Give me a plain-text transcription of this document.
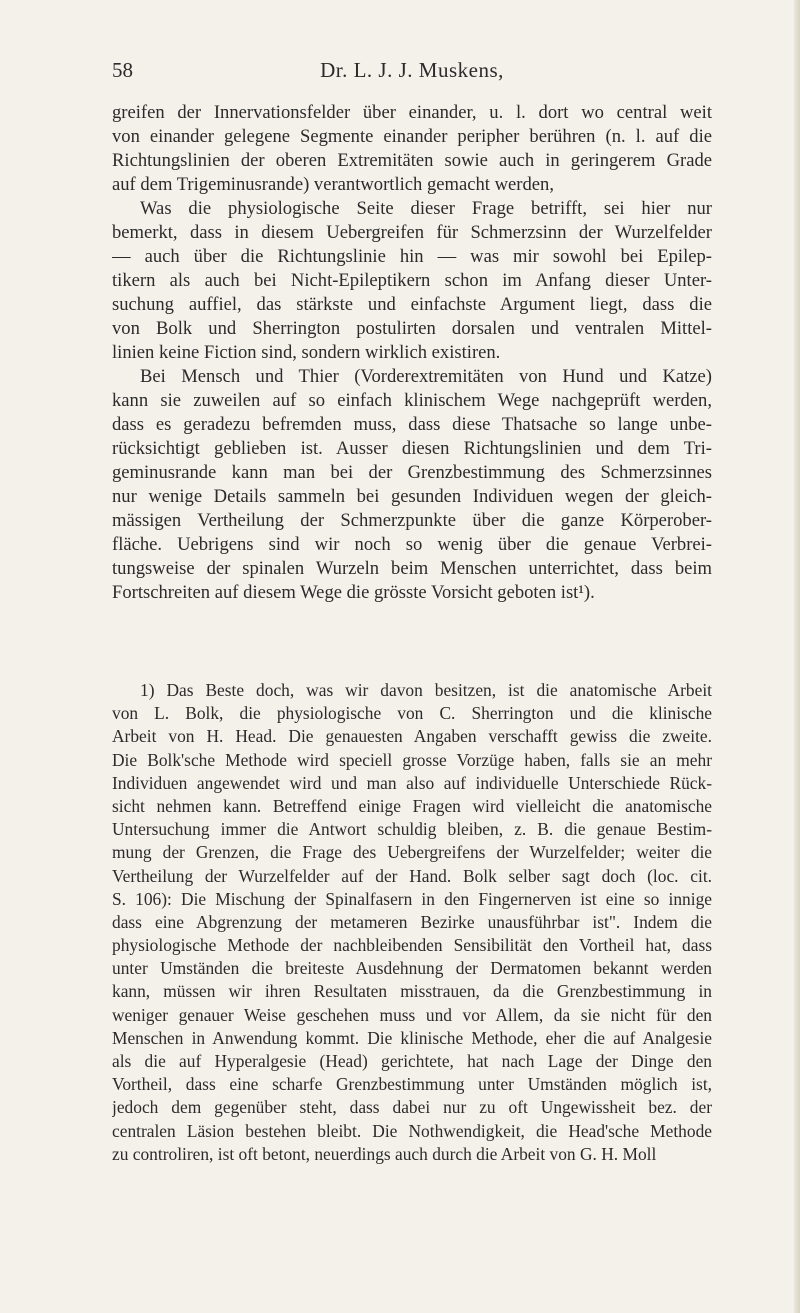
58	Dr. L. J. J. Muskens,
greifen der Innervationsfelder über einander, u. l. dort wo central weit
von einander gelegene Segmente einander peripher berühren (n. l. auf die
Richtungslinien der oberen Extremitäten sowie auch in geringerem Grade
auf dem Trigeminusrande) verantwortlich gemacht werden,
Was die physiologische Seite dieser Frage betrifft, sei hier nur
bemerkt, dass in diesem Uebergreifen für Schmerzsinn der Wurzelfelder
— auch über die Richtungslinie hin — was mir sowohl bei Epilep-
tikern als auch bei Nicht-Epileptikern schon im Anfang dieser Unter-
suchung auffiel, das stärkste und einfachste Argument liegt, dass die
von Bolk und Sherrington postulirten dorsalen und ventralen Mittel-
linien keine Fiction sind, sondern wirklich existiren.
Bei Mensch und Thier (Vorderextremitäten von Hund und Katze)
kann sie zuweilen auf so einfach klinischem Wege nachgeprüft werden,
dass es geradezu befremden muss, dass diese Thatsache so lange unbe-
rücksichtigt geblieben ist. Ausser diesen Richtungslinien und dem Tri-
geminusrande kann man bei der Grenzbestimmung des Schmerzsinnes
nur wenige Details sammeln bei gesunden Individuen wegen der gleich-
mässigen Vertheilung der Schmerzpunkte über die ganze Körperober-
fläche. Uebrigens sind wir noch so wenig über die genaue Verbrei-
tungsweise der spinalen Wurzeln beim Menschen unterrichtet, dass beim
Fortschreiten auf diesem Wege die grösste Vorsicht geboten ist¹).
1) Das Beste doch, was wir davon besitzen, ist die anatomische Arbeit
von L. Bolk, die physiologische von C. Sherrington und die klinische
Arbeit von H. Head. Die genauesten Angaben verschafft gewiss die zweite.
Die Bolk'sche Methode wird speciell grosse Vorzüge haben, falls sie an mehr
Individuen angewendet wird und man also auf individuelle Unterschiede Rück-
sicht nehmen kann. Betreffend einige Fragen wird vielleicht die anatomische
Untersuchung immer die Antwort schuldig bleiben, z. B. die genaue Bestim-
mung der Grenzen, die Frage des Uebergreifens der Wurzelfelder; weiter die
Vertheilung der Wurzelfelder auf der Hand. Bolk selber sagt doch (loc. cit.
S. 106): Die Mischung der Spinalfasern in den Fingernerven ist eine so innige
dass eine Abgrenzung der metameren Bezirke unausführbar ist". Indem die
physiologische Methode der nachbleibenden Sensibilität den Vortheil hat, dass
unter Umständen die breiteste Ausdehnung der Dermatomen bekannt werden
kann, müssen wir ihren Resultaten misstrauen, da die Grenzbestimmung in
weniger genauer Weise geschehen muss und vor Allem, da sie nicht für den
Menschen in Anwendung kommt. Die klinische Methode, eher die auf Analgesie
als die auf Hyperalgesie (Head) gerichtete, hat nach Lage der Dinge den
Vortheil, dass eine scharfe Grenzbestimmung unter Umständen möglich ist,
jedoch dem gegenüber steht, dass dabei nur zu oft Ungewissheit bez. der
centralen Läsion bestehen bleibt. Die Nothwendigkeit, die Head'sche Methode
zu controliren, ist oft betont, neuerdings auch durch die Arbeit von G. H. Moll
